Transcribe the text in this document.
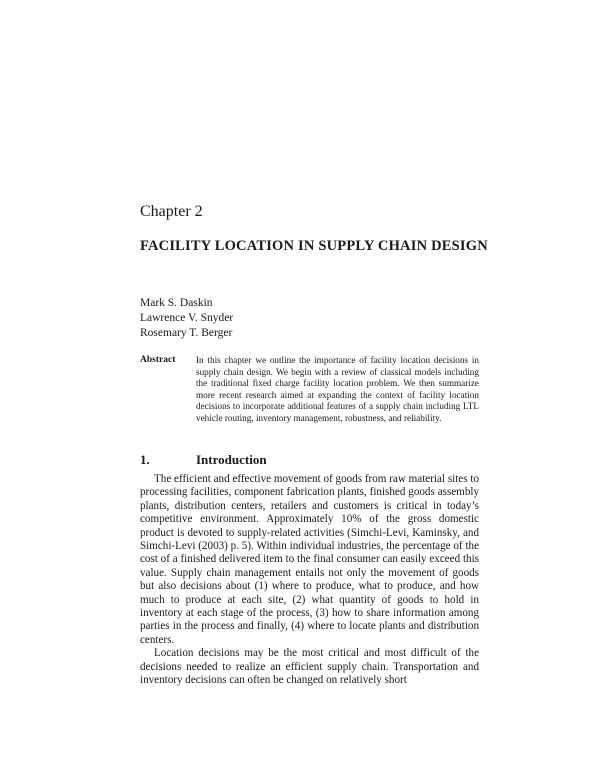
Chapter 2
FACILITY LOCATION IN SUPPLY CHAIN DESIGN
Mark S. Daskin
Lawrence V. Snyder
Rosemary T. Berger
Abstract In this chapter we outline the importance of facility location decisions in supply chain design. We begin with a review of classical models including the traditional fixed charge facility location problem. We then summarize more recent research aimed at expanding the context of facility location decisions to incorporate additional features of a supply chain including LTL vehicle routing, inventory management, robustness, and reliability.
1.	Introduction

The efficient and effective movement of goods from raw material sites to processing facilities, component fabrication plants, finished goods assembly plants, distribution centers, retailers and customers is critical in today’s competitive environment. Approximately 10% of the gross domestic product is devoted to supply-related activities (Simchi-Levi, Kaminsky, and Simchi-Levi (2003) p. 5). Within individual industries, the percentage of the cost of a finished delivered item to the final consumer can easily exceed this value. Supply chain management entails not only the movement of goods but also decisions about (1) where to produce, what to produce, and how much to produce at each site, (2) what quantity of goods to hold in inventory at each stage of the process, (3) how to share information among parties in the process and finally, (4) where to locate plants and distribution centers.

Location decisions may be the most critical and most difficult of the decisions needed to realize an efficient supply chain. Transportation and inventory decisions can often be changed on relatively short
